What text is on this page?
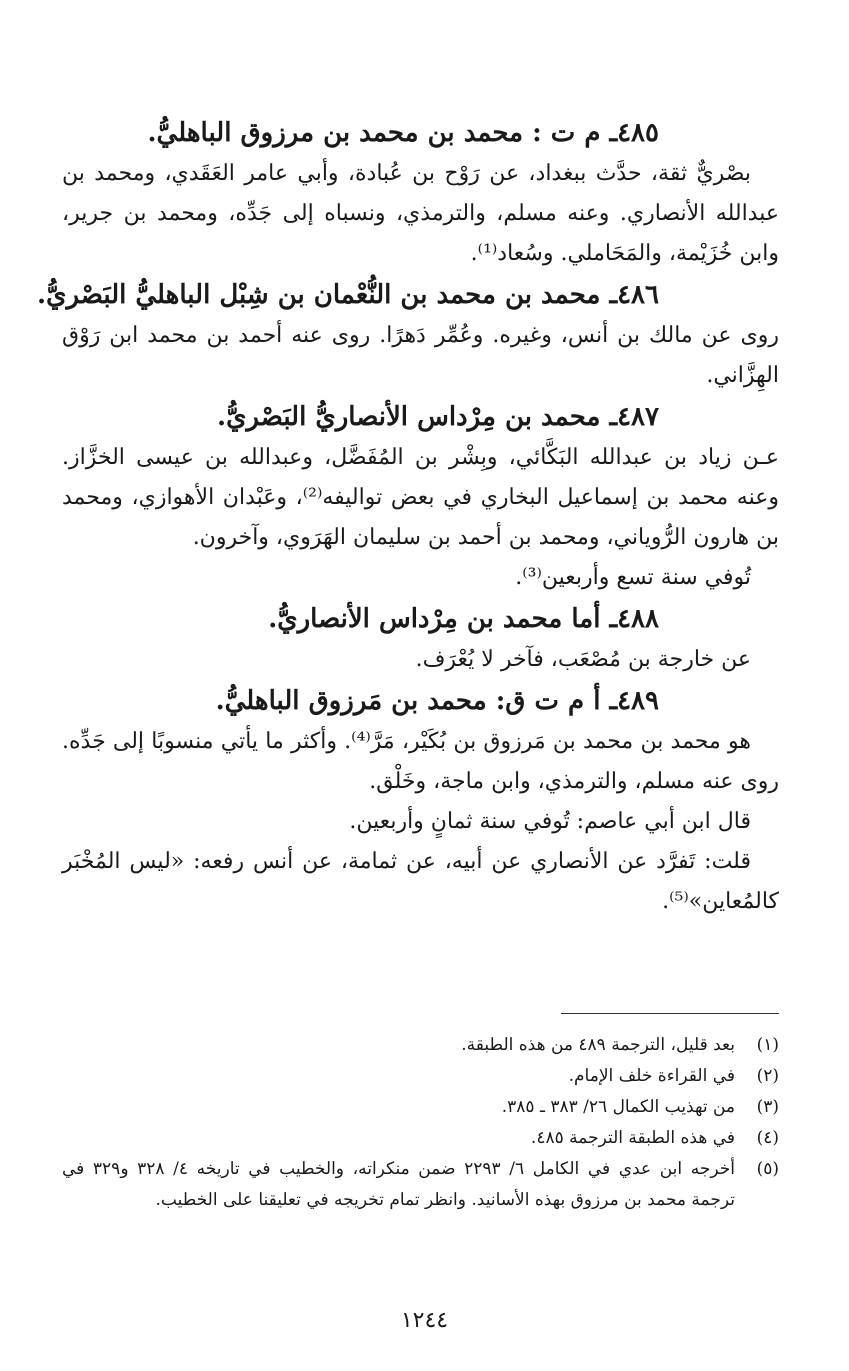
٤٨٥ـ م ت : محمد بن محمد بن مرزوق الباهليُّ.

بصْريٌّ ثقة، حدَّث ببغداد، عن رَوْح بن عُبادة، وأبي عامر العَقَدي، ومحمد بن عبدالله الأنصاري. وعنه مسلم، والترمذي، ونسباه إلى جَدِّه، ومحمد بن جرير، وابن خُزَيْمة، والمَحَاملي. وسُعاد⁽¹⁾.

٤٨٦ـ محمد بن محمد بن النُّعْمان بن شِبْل الباهليُّ البَصْريُّ.

روى عن مالك بن أنس، وغيره. وعُمِّر دَهرًا. روى عنه أحمد بن محمد ابن رَوْق الهِزَّاني.

٤٨٧ـ محمد بن مِرْداس الأنصاريُّ البَصْريُّ.

عـن زياد بن عبدالله البَكَّائي، وبِشْر بن المُفَضَّل، وعبدالله بن عيسى الخزَّاز. وعنه محمد بن إسماعيل البخاري في بعض تواليفه⁽²⁾، وعَبْدان الأهوازي، ومحمد بن هارون الرُّوياني، ومحمد بن أحمد بن سليمان الهَرَوي، وآخرون.

تُوفي سنة تسع وأربعين⁽³⁾.

٤٨٨ـ أما محمد بن مِرْداس الأنصاريُّ.

عن خارجة بن مُصْعَب، فآخر لا يُعْرَف.

٤٨٩ـ أ م ت ق: محمد بن مَرزوق الباهليُّ.

هو محمد بن محمد بن مَرزوق بن بُكَيْر، مَرَّ⁽⁴⁾. وأكثر ما يأتي منسوبًا إلى جَدِّه. روى عنه مسلم، والترمذي، وابن ماجة، وخَلْق.

قال ابن أبي عاصم: تُوفي سنة ثمانٍ وأربعين.

قلت: تَفرَّد عن الأنصاري عن أبيه، عن ثمامة، عن أنس رفعه: «ليس المُخْبَر كالمُعاين»⁽⁵⁾.

(١)
بعد قليل، الترجمة ٤٨٩ من هذه الطبقة.
(٢)
في القراءة خلف الإمام.
(٣)
من تهذيب الكمال ٢٦/ ٣٨٣ ـ ٣٨٥.
(٤)
في هذه الطبقة الترجمة ٤٨٥.
(٥)
أخرجه ابن عدي في الكامل ٦/ ٢٢٩٣ ضمن منكراته، والخطيب في تاريخه ٤/ ٣٢٨ و٣٢٩ في ترجمة محمد بن مرزوق بهذه الأسانيد. وانظر تمام تخريجه في تعليقنا على الخطيب.
١٢٤٤
